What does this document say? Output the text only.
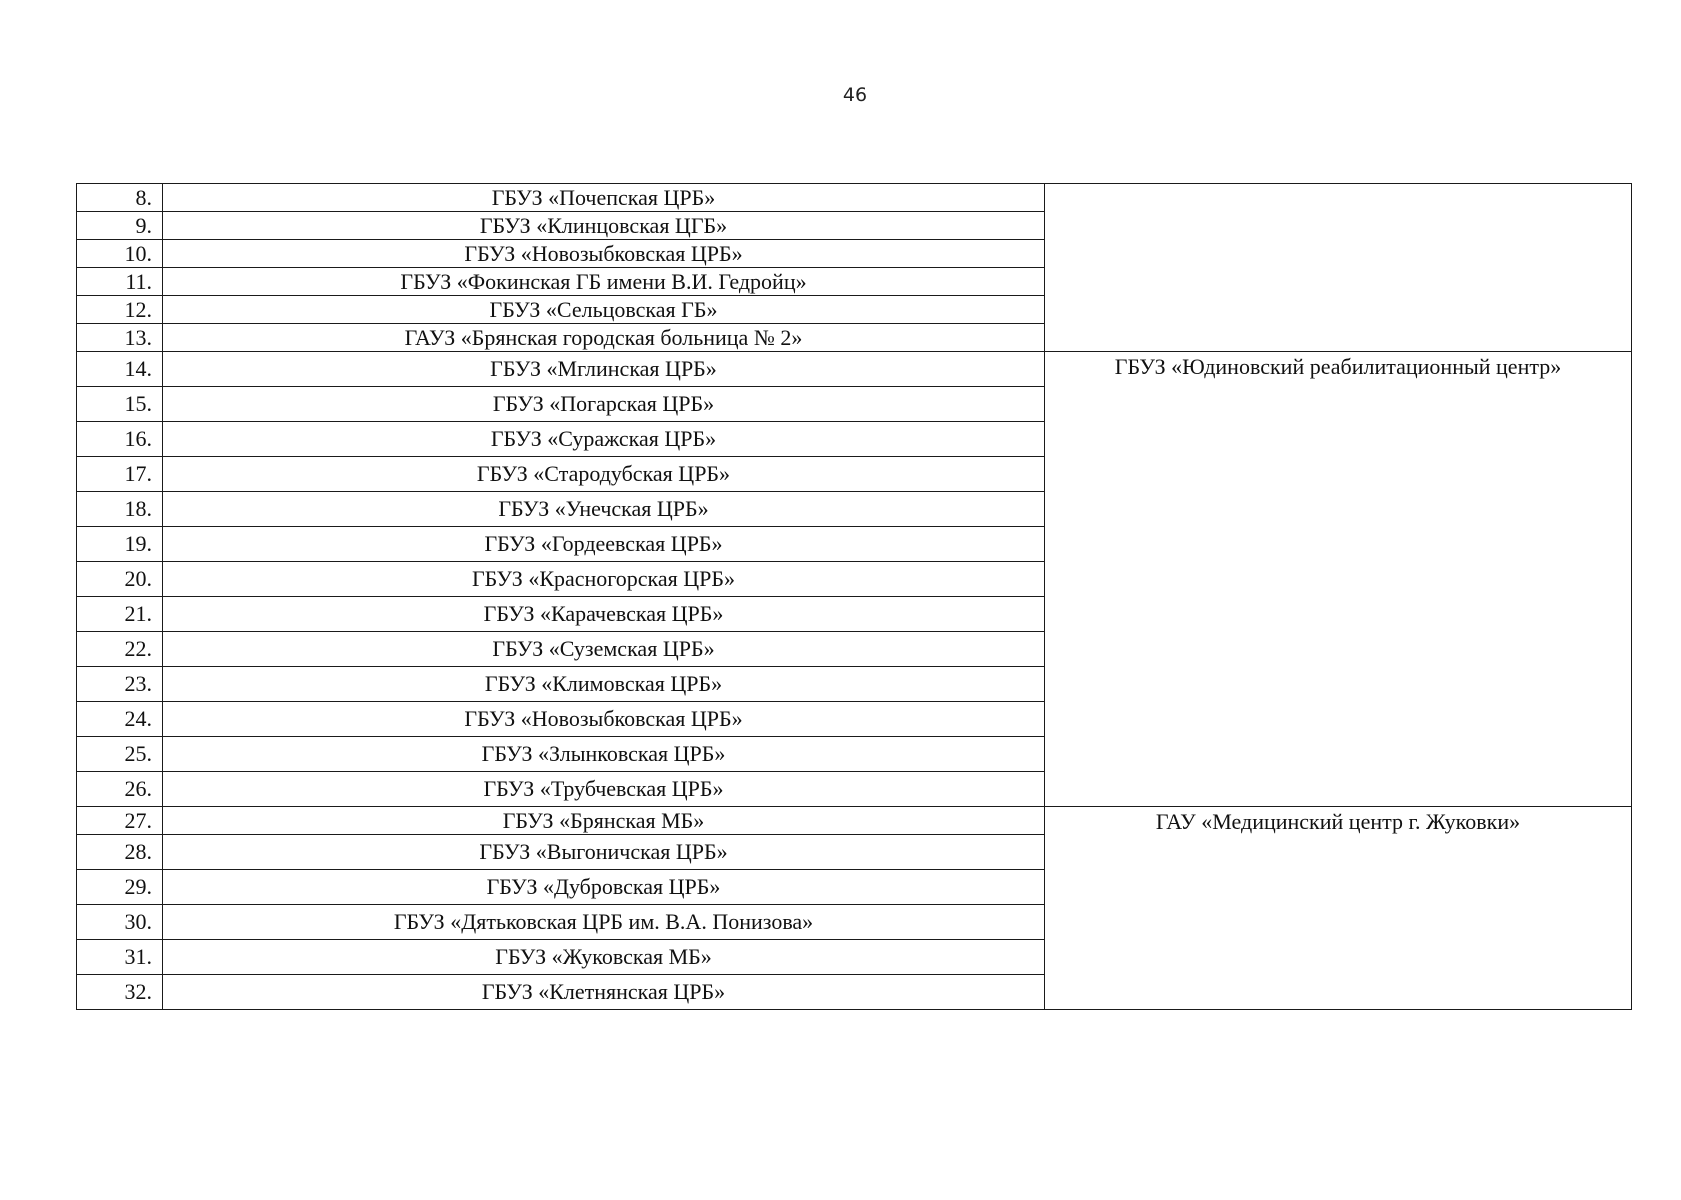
46
8.	ГБУЗ «Почепская ЦРБ»	
9.	ГБУЗ «Клинцовская ЦГБ»	
10.	ГБУЗ «Новозыбковская ЦРБ»	
11.	ГБУЗ «Фокинская ГБ имени В.И. Гедройц»	
12.	ГБУЗ «Сельцовская ГБ»	
13.	ГАУЗ «Брянская городская больница № 2»	
14.	ГБУЗ «Мглинская ЦРБ»	ГБУЗ «Юдиновский реабилитационный центр»
15.	ГБУЗ «Погарская ЦРБ»	
16.	ГБУЗ «Суражская ЦРБ»	
17.	ГБУЗ «Стародубская ЦРБ»	
18.	ГБУЗ «Унечская ЦРБ»	
19.	ГБУЗ «Гордеевская ЦРБ»	
20.	ГБУЗ «Красногорская ЦРБ»	
21.	ГБУЗ «Карачевская ЦРБ»	
22.	ГБУЗ «Суземская ЦРБ»	
23.	ГБУЗ «Климовская ЦРБ»	
24.	ГБУЗ «Новозыбковская ЦРБ»	
25.	ГБУЗ «Злынковская ЦРБ»	
26.	ГБУЗ «Трубчевская ЦРБ»	
27.	ГБУЗ «Брянская МБ»	ГАУ «Медицинский центр г. Жуковки»
28.	ГБУЗ «Выгоничская ЦРБ»	
29.	ГБУЗ «Дубровская ЦРБ»	
30.	ГБУЗ «Дятьковская ЦРБ им. В.А. Понизова»	
31.	ГБУЗ «Жуковская МБ»	
32.	ГБУЗ «Клетнянская ЦРБ»	
